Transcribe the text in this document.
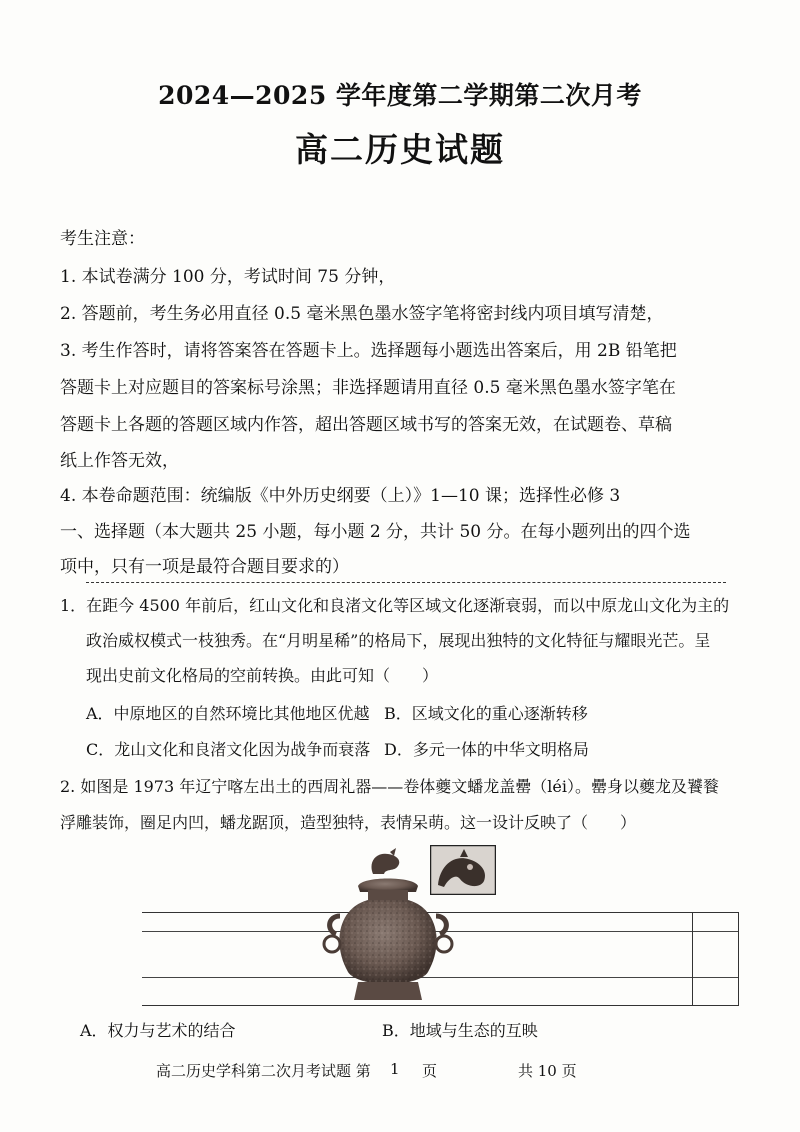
2024—2025 学年度第二学期第二次月考
高二历史试题
考生注意：
1. 本试卷满分 100 分，考试时间 75 分钟，
2. 答题前，考生务必用直径 0.5 毫米黑色墨水签字笔将密封线内项目填写清楚，
3. 考生作答时，请将答案答在答题卡上。选择题每小题选出答案后，用 2B 铅笔把
答题卡上对应题目的答案标号涂黑；非选择题请用直径 0.5 毫米黑色墨水签字笔在
答题卡上各题的答题区域内作答，超出答题区域书写的答案无效，在试题卷、草稿
纸上作答无效，
4. 本卷命题范围：统编版《中外历史纲要（上）》1—10 课；选择性必修 3
一、选择题（本大题共 25 小题，每小题 2 分，共计 50 分。在每小题列出的四个选
项中，只有一项是最符合题目要求的）
1．在距今 4500 年前后，红山文化和良渚文化等区域文化逐渐衰弱，而以中原龙山文化为主的
政治威权模式一枝独秀。在“月明星稀”的格局下，展现出独特的文化特征与耀眼光芒。呈
现出史前文化格局的空前转换。由此可知（　　）
A．中原地区的自然环境比其他地区优越 B．区域文化的重心逐渐转移
C．龙山文化和良渚文化因为战争而衰落 D．多元一体的中华文明格局
2. 如图是 1973 年辽宁喀左出土的西周礼器——卷体夔文蟠龙盖罍（léi）。罍身以夔龙及饕餮
浮雕装饰，圈足内凹，蟠龙踞顶，造型独特，表情呆萌。这一设计反映了（　　）
A．权力与艺术的结合	B．地域与生态的互映
高二历史学科第二次月考试题 第 1 页	共 10 页
